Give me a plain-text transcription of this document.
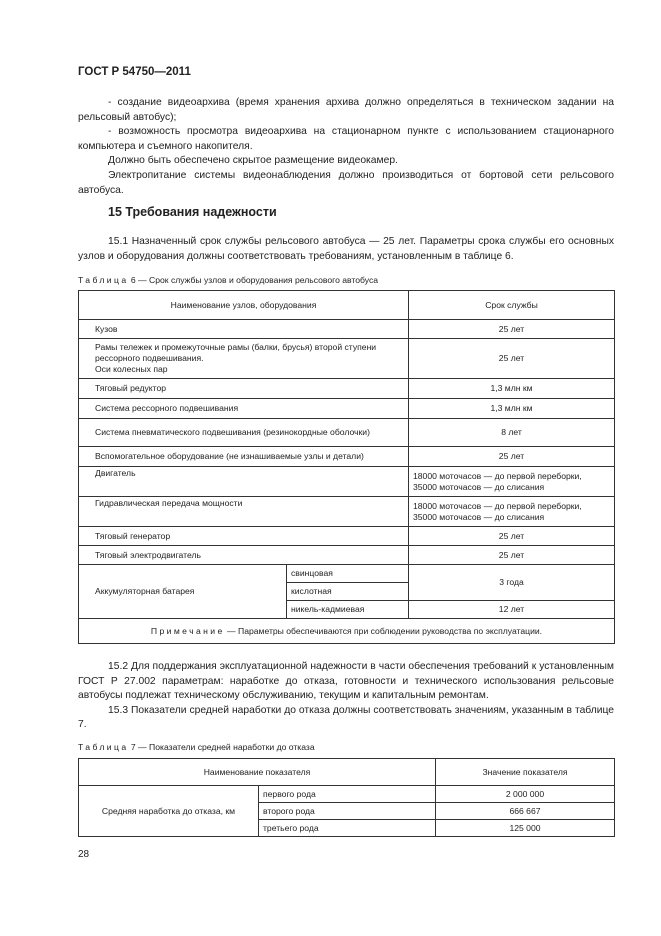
ГОСТ Р 54750—2011

- создание видеоархива (время хранения архива должно определяться в техническом задании на рельсовый автобус);

- возможность просмотра видеоархива на стационарном пункте с использованием стационарного компьютера и съемного накопителя.

Должно быть обеспечено скрытое размещение видеокамер.

Электропитание системы видеонаблюдения должно производиться от бортовой сети рельсового автобуса.

15 Требования надежности

15.1 Назначенный срок службы рельсового автобуса — 25 лет. Параметры срока службы его основных узлов и оборудования должны соответствовать требованиям, установленным в таблице 6.

Таблица 6 — Срок службы узлов и оборудования рельсового автобуса
Наименование узлов, оборудования		Срок службы
Кузов		25 лет
Рамы тележек и промежуточные рамы (балки, брусья) второй ступени рессорного подвешивания.
Оси колесных пар		25 лет
Тяговый редуктор		1,3 млн км
Система рессорного подвешивания		1,3 млн км
Система пневматического подвешивания (резинокордные оболочки)		8 лет
Вспомогательное оборудование (не изнашиваемые узлы и детали)		25 лет
Двигатель		18000 моточасов — до первой переборки,
35000 моточасов — до слисания
Гидравлическая передача мощности		18000 моточасов — до первой переборки,
35000 моточасов — до слисания
Тяговый генератор		25 лет
Тяговый электродвигатель		25 лет
Аккумуляторная батарея	свинцовая	3 года
	кислотная	
	никель-кадмиевая	12 лет
Примечание — Параметры обеспечиваются при соблюдении руководства по эксплуатации.		

15.2 Для поддержания эксплуатационной надежности в части обеспечения требований к установленным ГОСТ Р 27.002 параметрам: наработке до отказа, готовности и технического использования рельсовые автобусы подлежат техническому обслуживанию, текущим и капитальным ремонтам.

15.3 Показатели средней наработки до отказа должны соответствовать значениям, указанным в таблице 7.

Таблица 7 — Показатели средней наработки до отказа
Наименование показателя		Значение показателя
Средняя наработка до отказа, км	первого рода	2 000 000
	второго рода	666 667
	третьего рода	125 000
28
